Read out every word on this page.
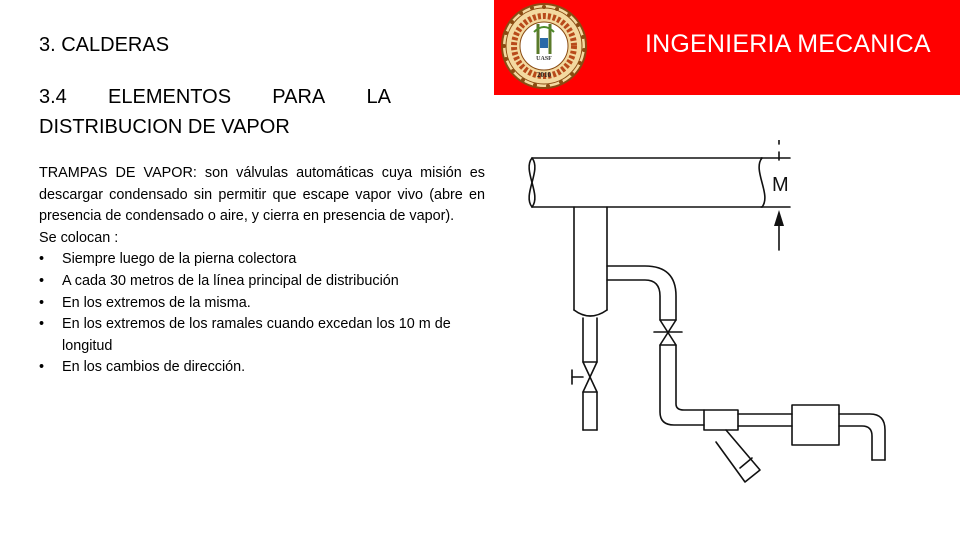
UASF
2010
INGENIERIA MECANICA
3. CALDERAS
3.4 ELEMENTOS PARA LA
DISTRIBUCION DE VAPOR
TRAMPAS DE VAPOR: son válvulas automáticas cuya misión es descargar condensado sin permitir que escape vapor vivo (abre en presencia de condensado o aire, y cierra en presencia de vapor).
Se colocan :
• Siempre luego de la pierna colectora
• A cada 30 metros de la línea principal de distribución
• En los extremos de la misma.
• En los extremos de los ramales cuando excedan los 10 m de longitud
• En los cambios de dirección.
M
